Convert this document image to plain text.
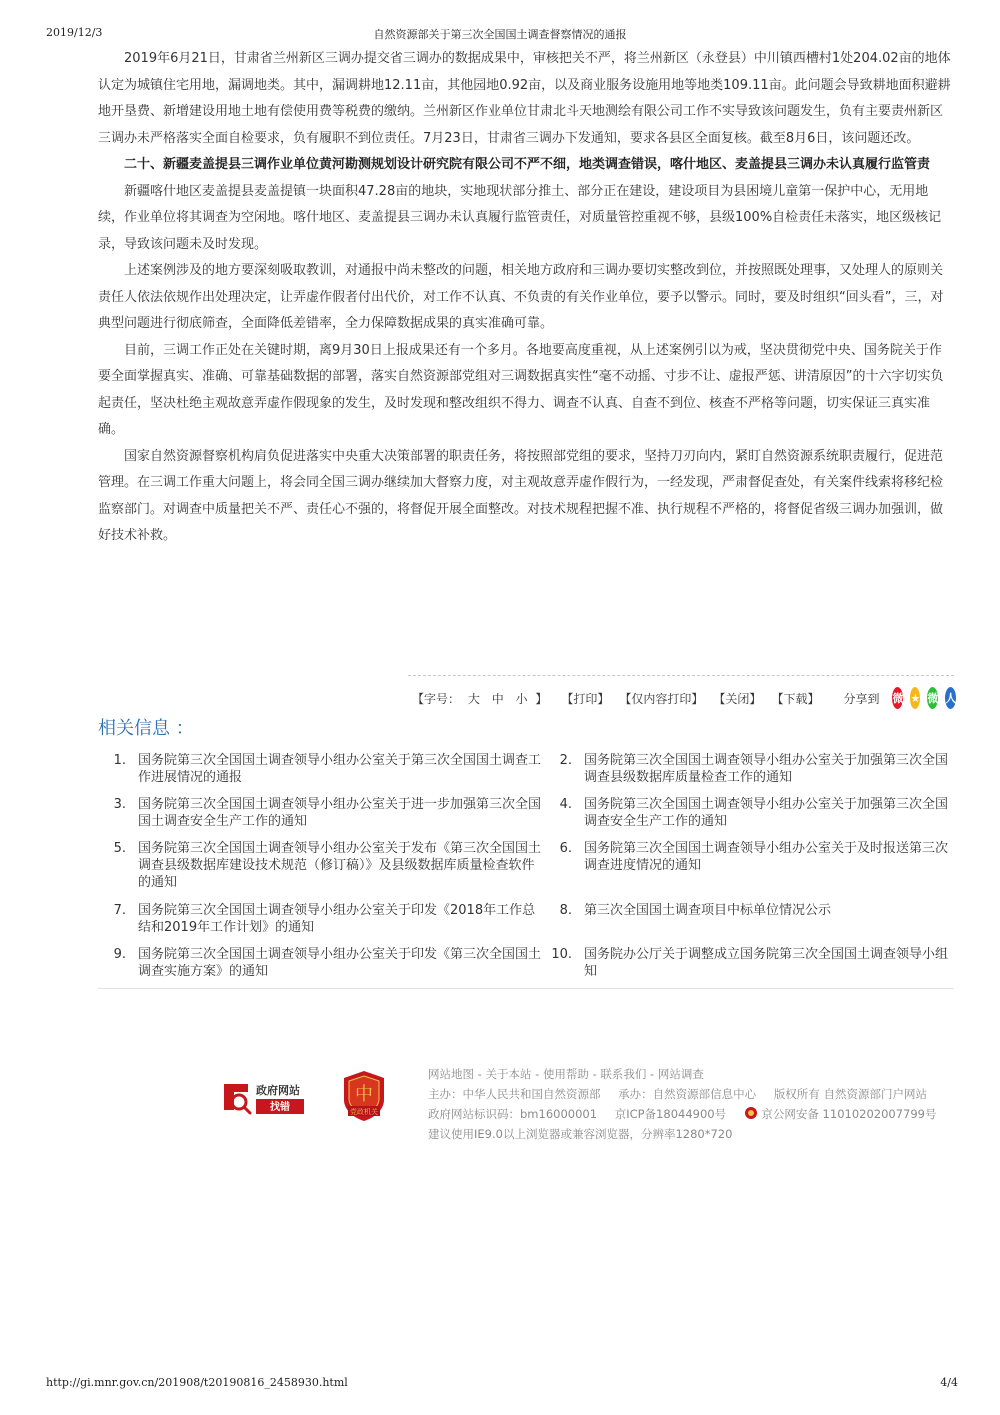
2019/12/3	自然资源部关于第三次全国国土调查督察情况的通报

2019年6月21日，甘肃省兰州新区三调办提交省三调办的数据成果中，审核把关不严，将兰州新区（永登县）中川镇西槽村1处204.02亩的地体认定为城镇住宅用地，漏调地类。其中，漏调耕地12.11亩，其他园地0.92亩，以及商业服务设施用地等地类109.11亩。此问题会导致耕地面积避耕地开垦费、新增建设用地土地有偿使用费等税费的缴纳。兰州新区作业单位甘肃北斗天地测绘有限公司工作不实导致该问题发生，负有主要责州新区三调办未严格落实全面自检要求，负有履职不到位责任。7月23日，甘肃省三调办下发通知，要求各县区全面复核。截至8月6日，该问题还改。

二十、新疆麦盖提县三调作业单位黄河勘测规划设计研究院有限公司不严不细，地类调查错误，喀什地区、麦盖提县三调办未认真履行监管责

新疆喀什地区麦盖提县麦盖提镇一块面积47.28亩的地块，实地现状部分推土、部分正在建设，建设项目为县困境儿童第一保护中心，无用地续，作业单位将其调查为空闲地。喀什地区、麦盖提县三调办未认真履行监管责任，对质量管控重视不够，县级100%自检责任未落实，地区级核记录，导致该问题未及时发现。

上述案例涉及的地方要深刻吸取教训，对通报中尚未整改的问题，相关地方政府和三调办要切实整改到位，并按照既处理事，又处理人的原则关责任人依法依规作出处理决定，让弄虚作假者付出代价，对工作不认真、不负责的有关作业单位，要予以警示。同时，要及时组织“回头看”，三，对典型问题进行彻底筛查，全面降低差错率，全力保障数据成果的真实准确可靠。

目前，三调工作正处在关键时期，离9月30日上报成果还有一个多月。各地要高度重视，从上述案例引以为戒，坚决贯彻党中央、国务院关于作要全面掌握真实、准确、可靠基础数据的部署，落实自然资源部党组对三调数据真实性“毫不动摇、寸步不让、虚报严惩、讲清原因”的十六字切实负起责任，坚决杜绝主观故意弄虚作假现象的发生，及时发现和整改组织不得力、调查不认真、自查不到位、核查不严格等问题，切实保证三真实准确。

国家自然资源督察机构肩负促进落实中央重大决策部署的职责任务，将按照部党组的要求，坚持刀刃向内，紧盯自然资源系统职责履行，促进范管理。在三调工作重大问题上，将会同全国三调办继续加大督察力度，对主观故意弄虚作假行为，一经发现，严肃督促查处，有关案件线索将移纪检监察部门。对调查中质量把关不严、责任心不强的，将督促开展全面整改。对技术规程把握不准、执行规程不严格的，将督促省级三调办加强训，做好技术补救。

【字号： 大 中 小 】 【打印】 【仅内容打印】 【关闭】 【下载】 分享到 微 ★ 微 人
相关信息 ：
1. 国务院第三次全国国土调查领导小组办公室关于第三次全国国土调查工作进展情况的通报
2. 国务院第三次全国国土调查领导小组办公室关于加强第三次全国调查县级数据库质量检查工作的通知
3. 国务院第三次全国国土调查领导小组办公室关于进一步加强第三次全国国土调查安全生产工作的通知
4. 国务院第三次全国国土调查领导小组办公室关于加强第三次全国调查安全生产工作的通知
5. 国务院第三次全国国土调查领导小组办公室关于发布《第三次全国国土调查县级数据库建设技术规范（修订稿）》及县级数据库质量检查软件的通知
6. 国务院第三次全国国土调查领导小组办公室关于及时报送第三次调查进度情况的通知
7. 国务院第三次全国国土调查领导小组办公室关于印发《2018年工作总结和2019年工作计划》的通知
8. 第三次全国国土调查项目中标单位情况公示
9. 国务院第三次全国国土调查领导小组办公室关于印发《第三次全国国土调查实施方案》的通知
10. 国务院办公厅关于调整成立国务院第三次全国国土调查领导小组知
政府网站
找错
中
党政机关
网站地图 - 关于本站 - 使用帮助 - 联系我们 - 网站调查
主办：中华人民共和国自然资源部 承办：自然资源部信息中心 版权所有 自然资源部门户网站
政府网站标识码：bm16000001 京ICP备18044900号	京公网安备 11010202007799号
建议使用IE9.0以上浏览器或兼容浏览器，分辨率1280*720
http://gi.mnr.gov.cn/201908/t20190816_2458930.html	4/4
